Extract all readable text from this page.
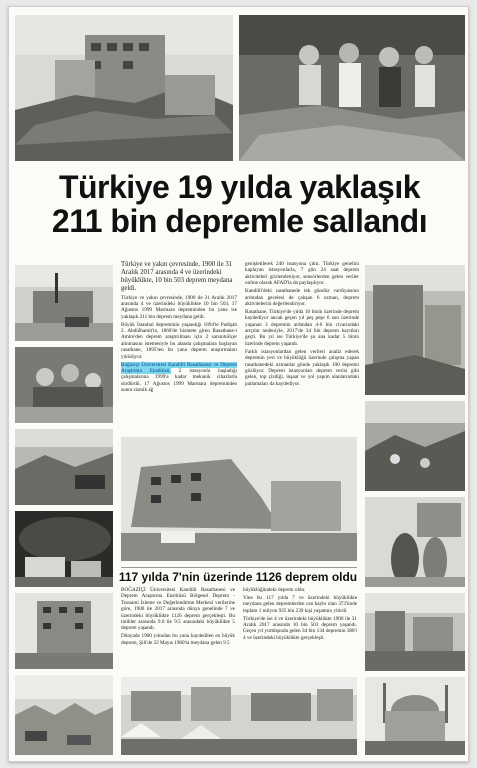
Türkiye 19 yılda yaklaşık
211 bin depremle sallandı

Türkiye ve yakın çevresinde, 1900 ile 31 Aralık 2017 arasında 4 ve üzerindeki büyüklükte, 10 bin 503 deprem meydana geldi.

Türkiye ve yakın çevresinde, 1900 ile 31 Aralık 2017 arasında 4 ve üzerindeki büyüklükte 10 bin 503, 17 Ağustos 1999 Marmara depreminden bu yana ise yaklaşık 211 bin deprem meydana geldi.

Büyük İstanbul depreminin yaşandığı 1894'te Padişah 2. Abdülhamit'in, 1868'de hizmete giren Rasathane-i Amire'den deprem araştırılması için 2 sarsıntıölçer alınmasını istemesiyle bu alanda çalışmalara başlayan rasathane, 1895'ten bu yana deprem araştırmaları yürütüyor.

Boğaziçi Üniversitesi Kandilli Rasathanesi ve Deprem Araştırma Enstitüsü, 2 istasyonla başladığı çalışmalarına 1999'a kadar mekanik cihazlarla sürdürdü. 17 Ağustos 1999 Marmara depreminden sonra sismik ağ

genişletilerek 240 istasyona çıktı. Türkiye genelini kaplayan istasyonlarla, 7 gün 24 saat deprem aktiviteleri gözlemleniyor, sensörlerden gelen veriler online olarak AFAD'la da paylaşılıyor.

Kandilli'deki rasathanede tek gündüz vardiyasının ardından gecelesi de çalışan 6 uzman, deprem aktivitelerini değerlendiriyor.

Rasathane, Türkiye'de yılda 10 binin üzerinde deprem kaydediyor ancak geçen yıl peş peşe 6 ısın üzerinde yaşanan 3 depremin ardından 4-6 bin civarındaki artçılar nedeniyle, 2017'de 34 bin deprem kayıtları geçti. Bu yıl ise Türkiye'de şu ana kadar 5 binin üzerinde deprem yaşandı.

Farklı istasyonlardan gelen verileri analiz ederek depremin yeri ve büyüklüğü üzerinde çalışma yapan rasathanedeki uzmanlar günde yaklaşık 100 depremi gözlüyor. Deprem istasyonları deprem verisi gibi gelen, top çizdiği, inşaat ve yol yapım alanlarındaki patlamaları da kaydediyor.

117 yılda 7'nin üzerinde 1126 deprem oldu

BOĞAZİÇİ Üniversitesi Kandilli Rasathanesi ve Deprem Araştırma Enstitüsü Bölgesel Deprem - Tsunami İzleme ve Değerlendirme Merkezi verilerine göre, 1900 ile 2017 arasında dünya genelinde 7 ve üzerindeki büyüklükte 1126 deprem gerçekleşti. Bu tarihler arasında 9.0 ile 9.5 arasındaki büyüklükte 5 deprem yaşandı.

Dünyada 1900 yılından bu yana kaydedilen en büyük deprem, Şili'de 22 Mayıs 1960'ta meydana gelen 9.5

büyüklüğündeki deprem oldu.

Yine bu 117 yılda 7 ve üzerindeki büyüklükte meydana gelen depremlerden can kaybı olan 373'ünde toplam 1 milyon 935 bin 239 kişi yaşamını yitirdi.

Türkiye'de ise 4 ve üzerindeki büyüklükte 1900 ile 31 Aralık 2017 arasında 10 bin 503 deprem yaşandı. Geçen yıl yurtdışında gelen 34 bin 134 depremin 388'i 4 ve üzerindeki büyüklükte gerçekleşti.
